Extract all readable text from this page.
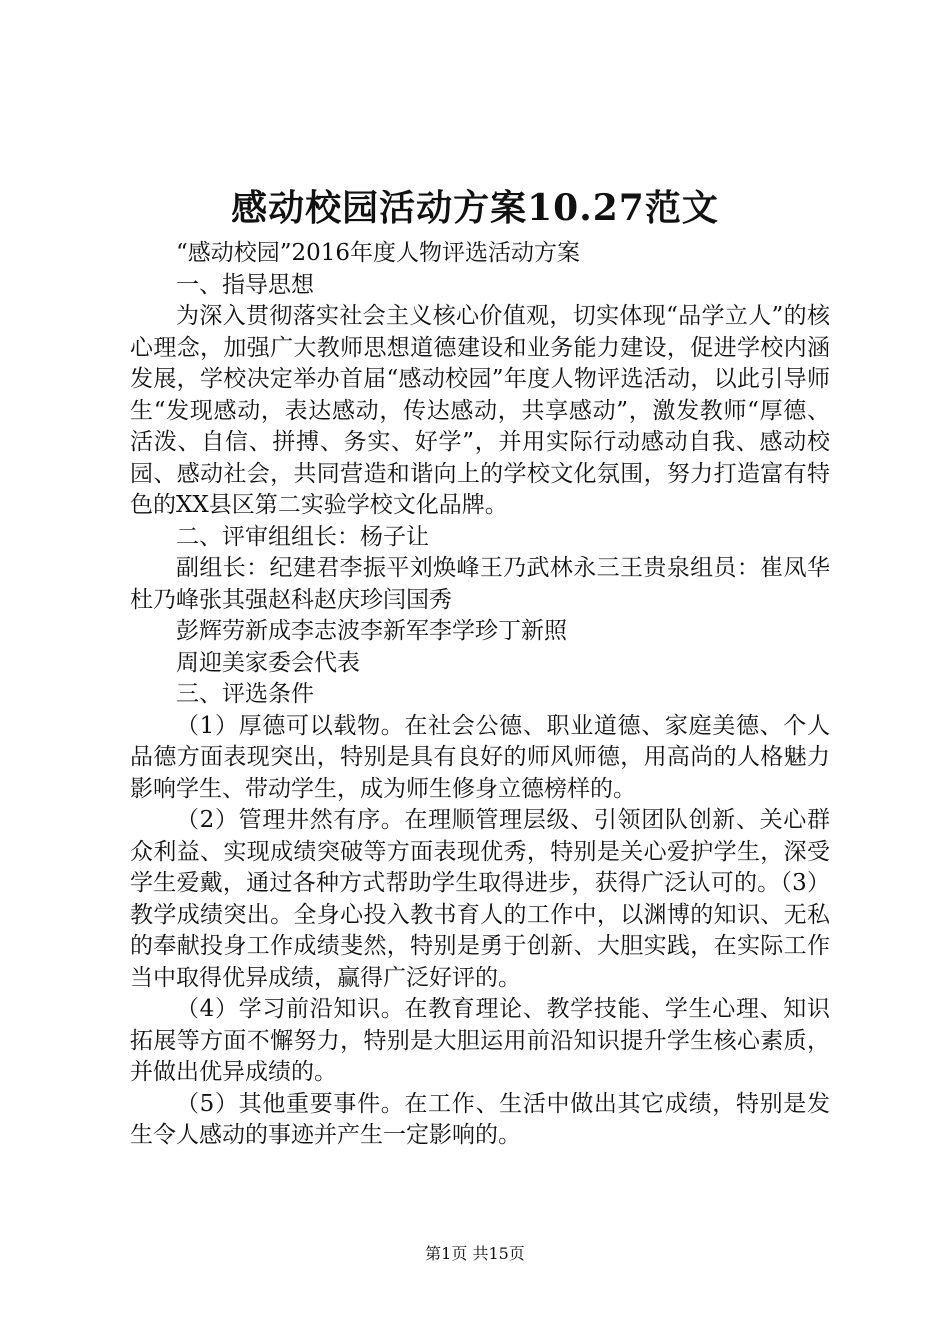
感动校园活动方案10.27范文

“感动校园”2016年度人物评选活动方案

一、指导思想

为深入贯彻落实社会主义核心价值观，切实体现“品学立人”的核心理念，加强广大教师思想道德建设和业务能力建设，促进学校内涵发展，学校决定举办首届“感动校园”年度人物评选活动，以此引导师生“发现感动，表达感动，传达感动，共享感动”，激发教师“厚德、活泼、自信、拼搏、务实、好学”，并用实际行动感动自我、感动校园、感动社会，共同营造和谐向上的学校文化氛围，努力打造富有特色的XX县区第二实验学校文化品牌。

二、评审组组长：杨子让

副组长：纪建君李振平刘焕峰王乃武林永三王贵泉组员：崔凤华杜乃峰张其强赵科赵庆珍闫国秀

彭辉劳新成李志波李新军李学珍丁新照

周迎美家委会代表

三、评选条件

（1）厚德可以载物。在社会公德、职业道德、家庭美德、个人品德方面表现突出，特别是具有良好的师风师德，用高尚的人格魅力影响学生、带动学生，成为师生修身立德榜样的。

（2）管理井然有序。在理顺管理层级、引领团队创新、关心群众利益、实现成绩突破等方面表现优秀，特别是关心爱护学生，深受学生爱戴，通过各种方式帮助学生取得进步，获得广泛认可的。（3）教学成绩突出。全身心投入教书育人的工作中，以渊博的知识、无私的奉献投身工作成绩斐然，特别是勇于创新、大胆实践，在实际工作当中取得优异成绩，赢得广泛好评的。

（4）学习前沿知识。在教育理论、教学技能、学生心理、知识拓展等方面不懈努力，特别是大胆运用前沿知识提升学生核心素质，并做出优异成绩的。

（5）其他重要事件。在工作、生活中做出其它成绩，特别是发生令人感动的事迹并产生一定影响的。

第1页 共15页
